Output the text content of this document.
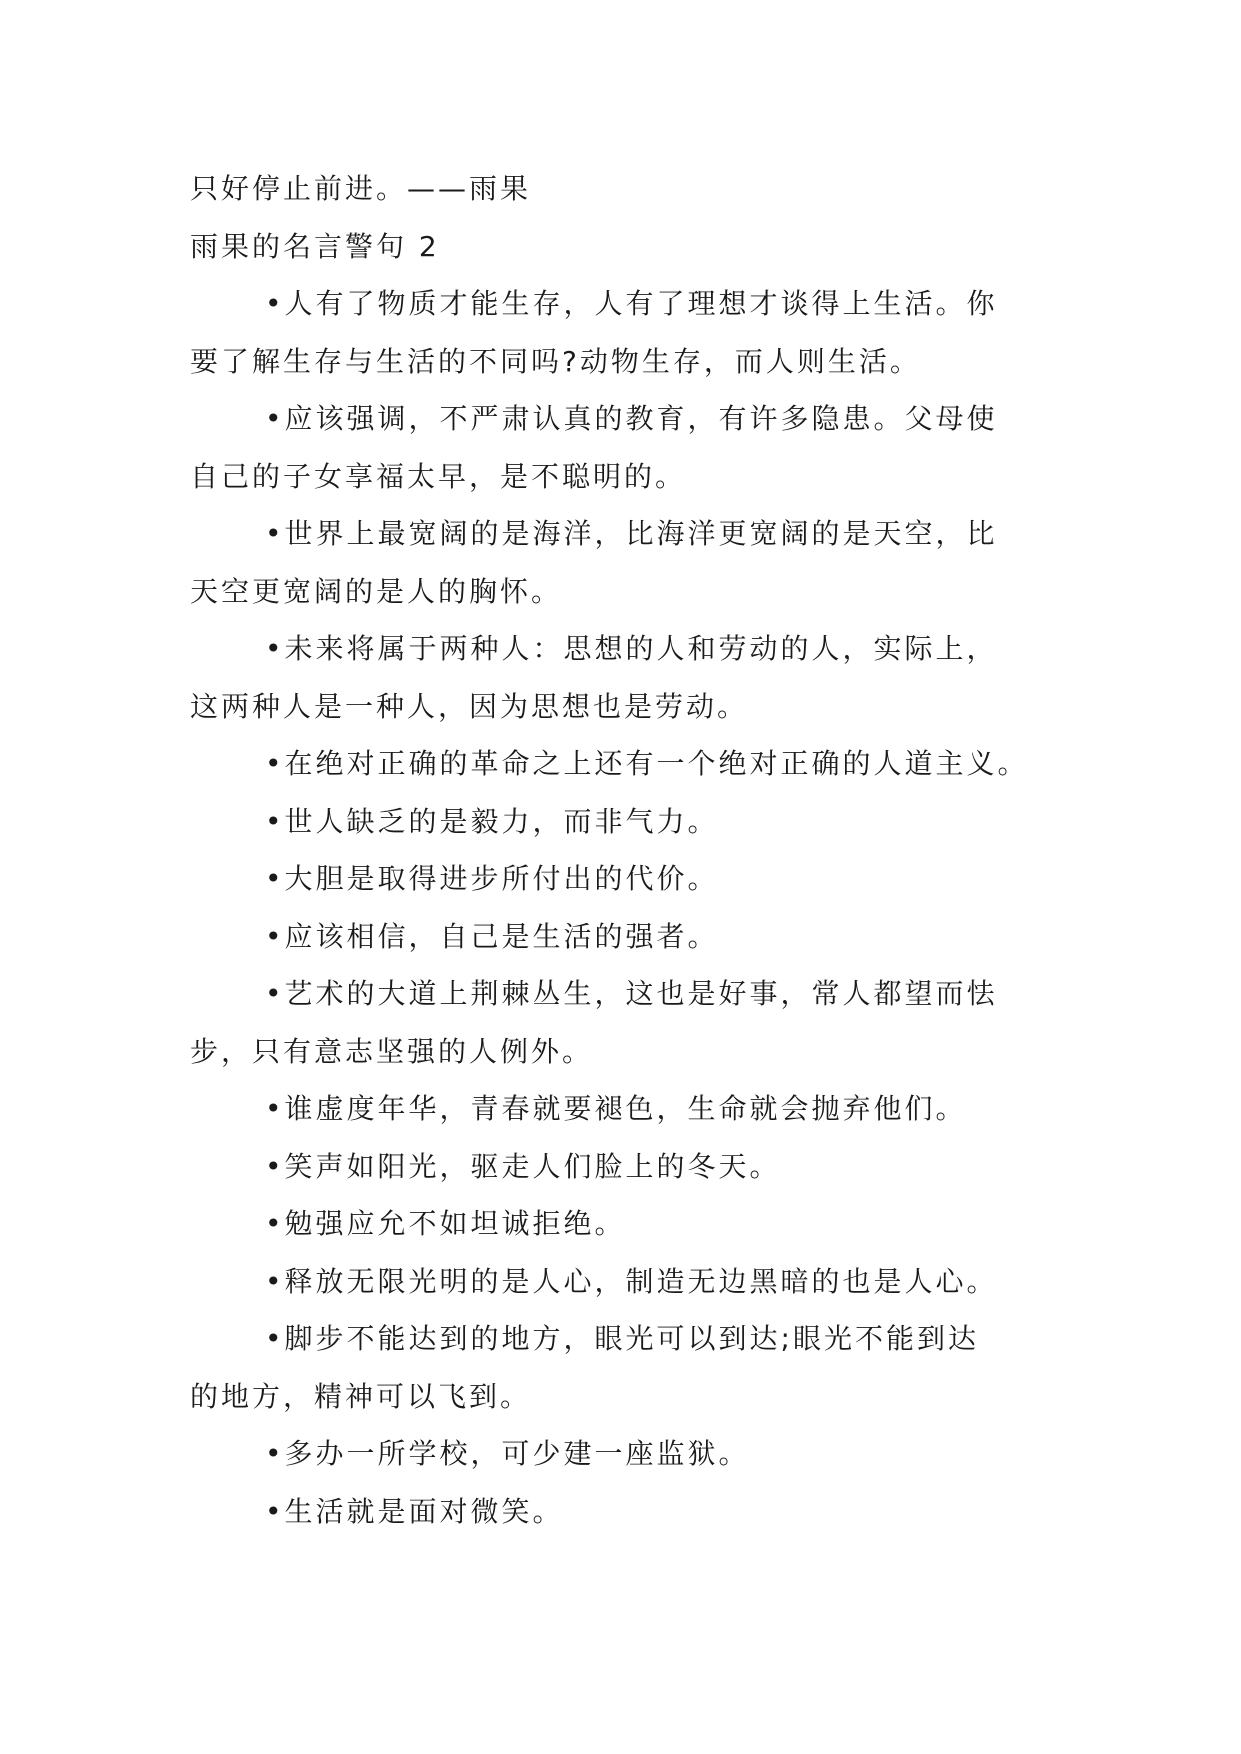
只好停止前进。——雨果
雨果的名言警句 2
•人有了物质才能生存，人有了理想才谈得上生活。你
要了解生存与生活的不同吗?动物生存，而人则生活。
•应该强调，不严肃认真的教育，有许多隐患。父母使
自己的子女享福太早，是不聪明的。
•世界上最宽阔的是海洋，比海洋更宽阔的是天空，比
天空更宽阔的是人的胸怀。
•未来将属于两种人：思想的人和劳动的人，实际上，
这两种人是一种人，因为思想也是劳动。
•在绝对正确的革命之上还有一个绝对正确的人道主义。
•世人缺乏的是毅力，而非气力。
•大胆是取得进步所付出的代价。
•应该相信，自己是生活的强者。
•艺术的大道上荆棘丛生，这也是好事，常人都望而怯
步，只有意志坚强的人例外。
•谁虚度年华，青春就要褪色，生命就会抛弃他们。
•笑声如阳光，驱走人们脸上的冬天。
•勉强应允不如坦诚拒绝。
•释放无限光明的是人心，制造无边黑暗的也是人心。
•脚步不能达到的地方，眼光可以到达;眼光不能到达
的地方，精神可以飞到。
•多办一所学校，可少建一座监狱。
•生活就是面对微笑。
